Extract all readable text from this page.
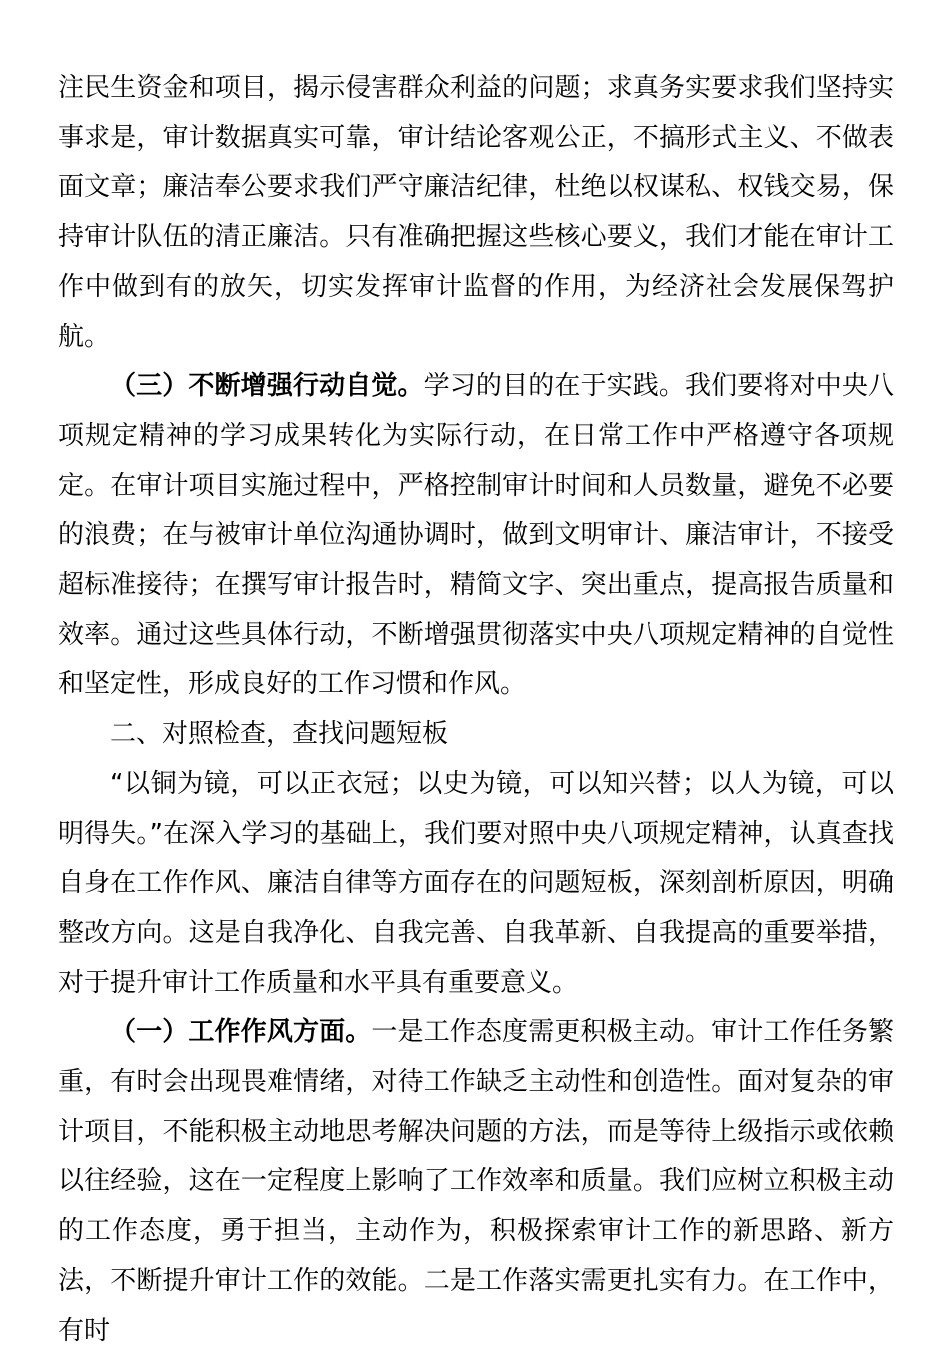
注民生资金和项目，揭示侵害群众利益的问题；求真务实要求我们坚持实事求是，审计数据真实可靠，审计结论客观公正，不搞形式主义、不做表面文章；廉洁奉公要求我们严守廉洁纪律，杜绝以权谋私、权钱交易，保持审计队伍的清正廉洁。只有准确把握这些核心要义，我们才能在审计工作中做到有的放矢，切实发挥审计监督的作用，为经济社会发展保驾护航。

（三）不断增强行动自觉。学习的目的在于实践。我们要将对中央八项规定精神的学习成果转化为实际行动，在日常工作中严格遵守各项规定。在审计项目实施过程中，严格控制审计时间和人员数量，避免不必要的浪费；在与被审计单位沟通协调时，做到文明审计、廉洁审计，不接受超标准接待；在撰写审计报告时，精简文字、突出重点，提高报告质量和效率。通过这些具体行动，不断增强贯彻落实中央八项规定精神的自觉性和坚定性，形成良好的工作习惯和作风。

二、对照检查，查找问题短板

“以铜为镜，可以正衣冠；以史为镜，可以知兴替；以人为镜，可以明得失。”在深入学习的基础上，我们要对照中央八项规定精神，认真查找自身在工作作风、廉洁自律等方面存在的问题短板，深刻剖析原因，明确整改方向。这是自我净化、自我完善、自我革新、自我提高的重要举措，对于提升审计工作质量和水平具有重要意义。

（一）工作作风方面。一是工作态度需更积极主动。审计工作任务繁重，有时会出现畏难情绪，对待工作缺乏主动性和创造性。面对复杂的审计项目，不能积极主动地思考解决问题的方法，而是等待上级指示或依赖以往经验，这在一定程度上影响了工作效率和质量。我们应树立积极主动的工作态度，勇于担当，主动作为，积极探索审计工作的新思路、新方法，不断提升审计工作的效能。二是工作落实需更扎实有力。在工作中，有时
